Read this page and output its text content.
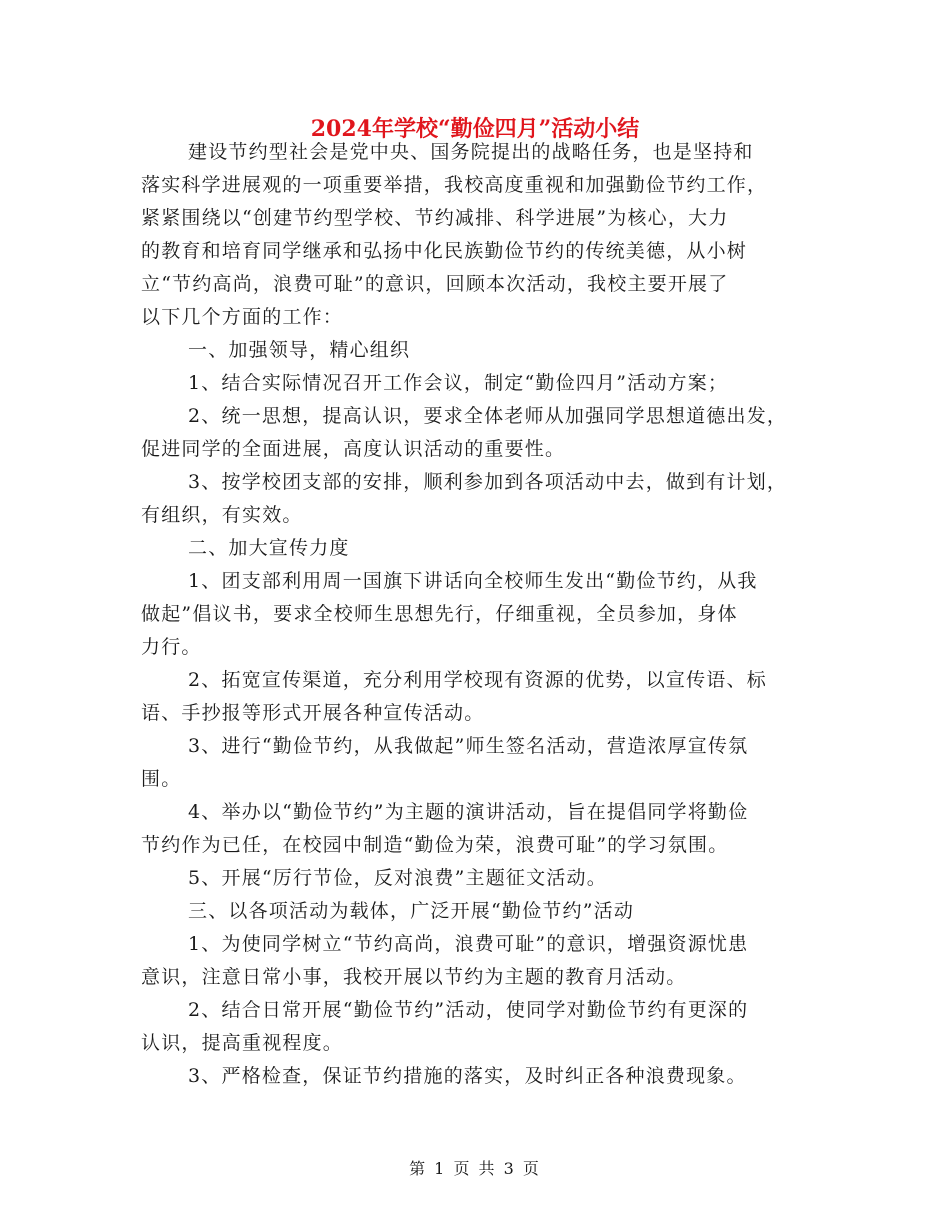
2024年学校“勤俭四月”活动小结
建设节约型社会是党中央、国务院提出的战略任务，也是坚持和
落实科学进展观的一项重要举措，我校高度重视和加强勤俭节约工作，
紧紧围绕以“创建节约型学校、节约减排、科学进展”为核心，大力
的教育和培育同学继承和弘扬中化民族勤俭节约的传统美德，从小树
立“节约高尚，浪费可耻”的意识，回顾本次活动，我校主要开展了
以下几个方面的工作：
一、加强领导，精心组织
1、结合实际情况召开工作会议，制定“勤俭四月”活动方案；
2、统一思想，提高认识，要求全体老师从加强同学思想道德出发，
促进同学的全面进展，高度认识活动的重要性。
3、按学校团支部的安排，顺利参加到各项活动中去，做到有计划，
有组织，有实效。
二、加大宣传力度
1、团支部利用周一国旗下讲话向全校师生发出“勤俭节约，从我
做起”倡议书，要求全校师生思想先行，仔细重视，全员参加，身体
力行。
2、拓宽宣传渠道，充分利用学校现有资源的优势，以宣传语、标
语、手抄报等形式开展各种宣传活动。
3、进行“勤俭节约，从我做起”师生签名活动，营造浓厚宣传氛
围。
4、举办以“勤俭节约”为主题的演讲活动，旨在提倡同学将勤俭
节约作为已任，在校园中制造“勤俭为荣，浪费可耻”的学习氛围。
5、开展“厉行节俭，反对浪费”主题征文活动。
三、以各项活动为载体，广泛开展“勤俭节约”活动
1、为使同学树立“节约高尚，浪费可耻”的意识，增强资源忧患
意识，注意日常小事，我校开展以节约为主题的教育月活动。
2、结合日常开展“勤俭节约”活动，使同学对勤俭节约有更深的
认识，提高重视程度。
3、严格检查，保证节约措施的落实，及时纠正各种浪费现象。
第 1 页 共 3 页
